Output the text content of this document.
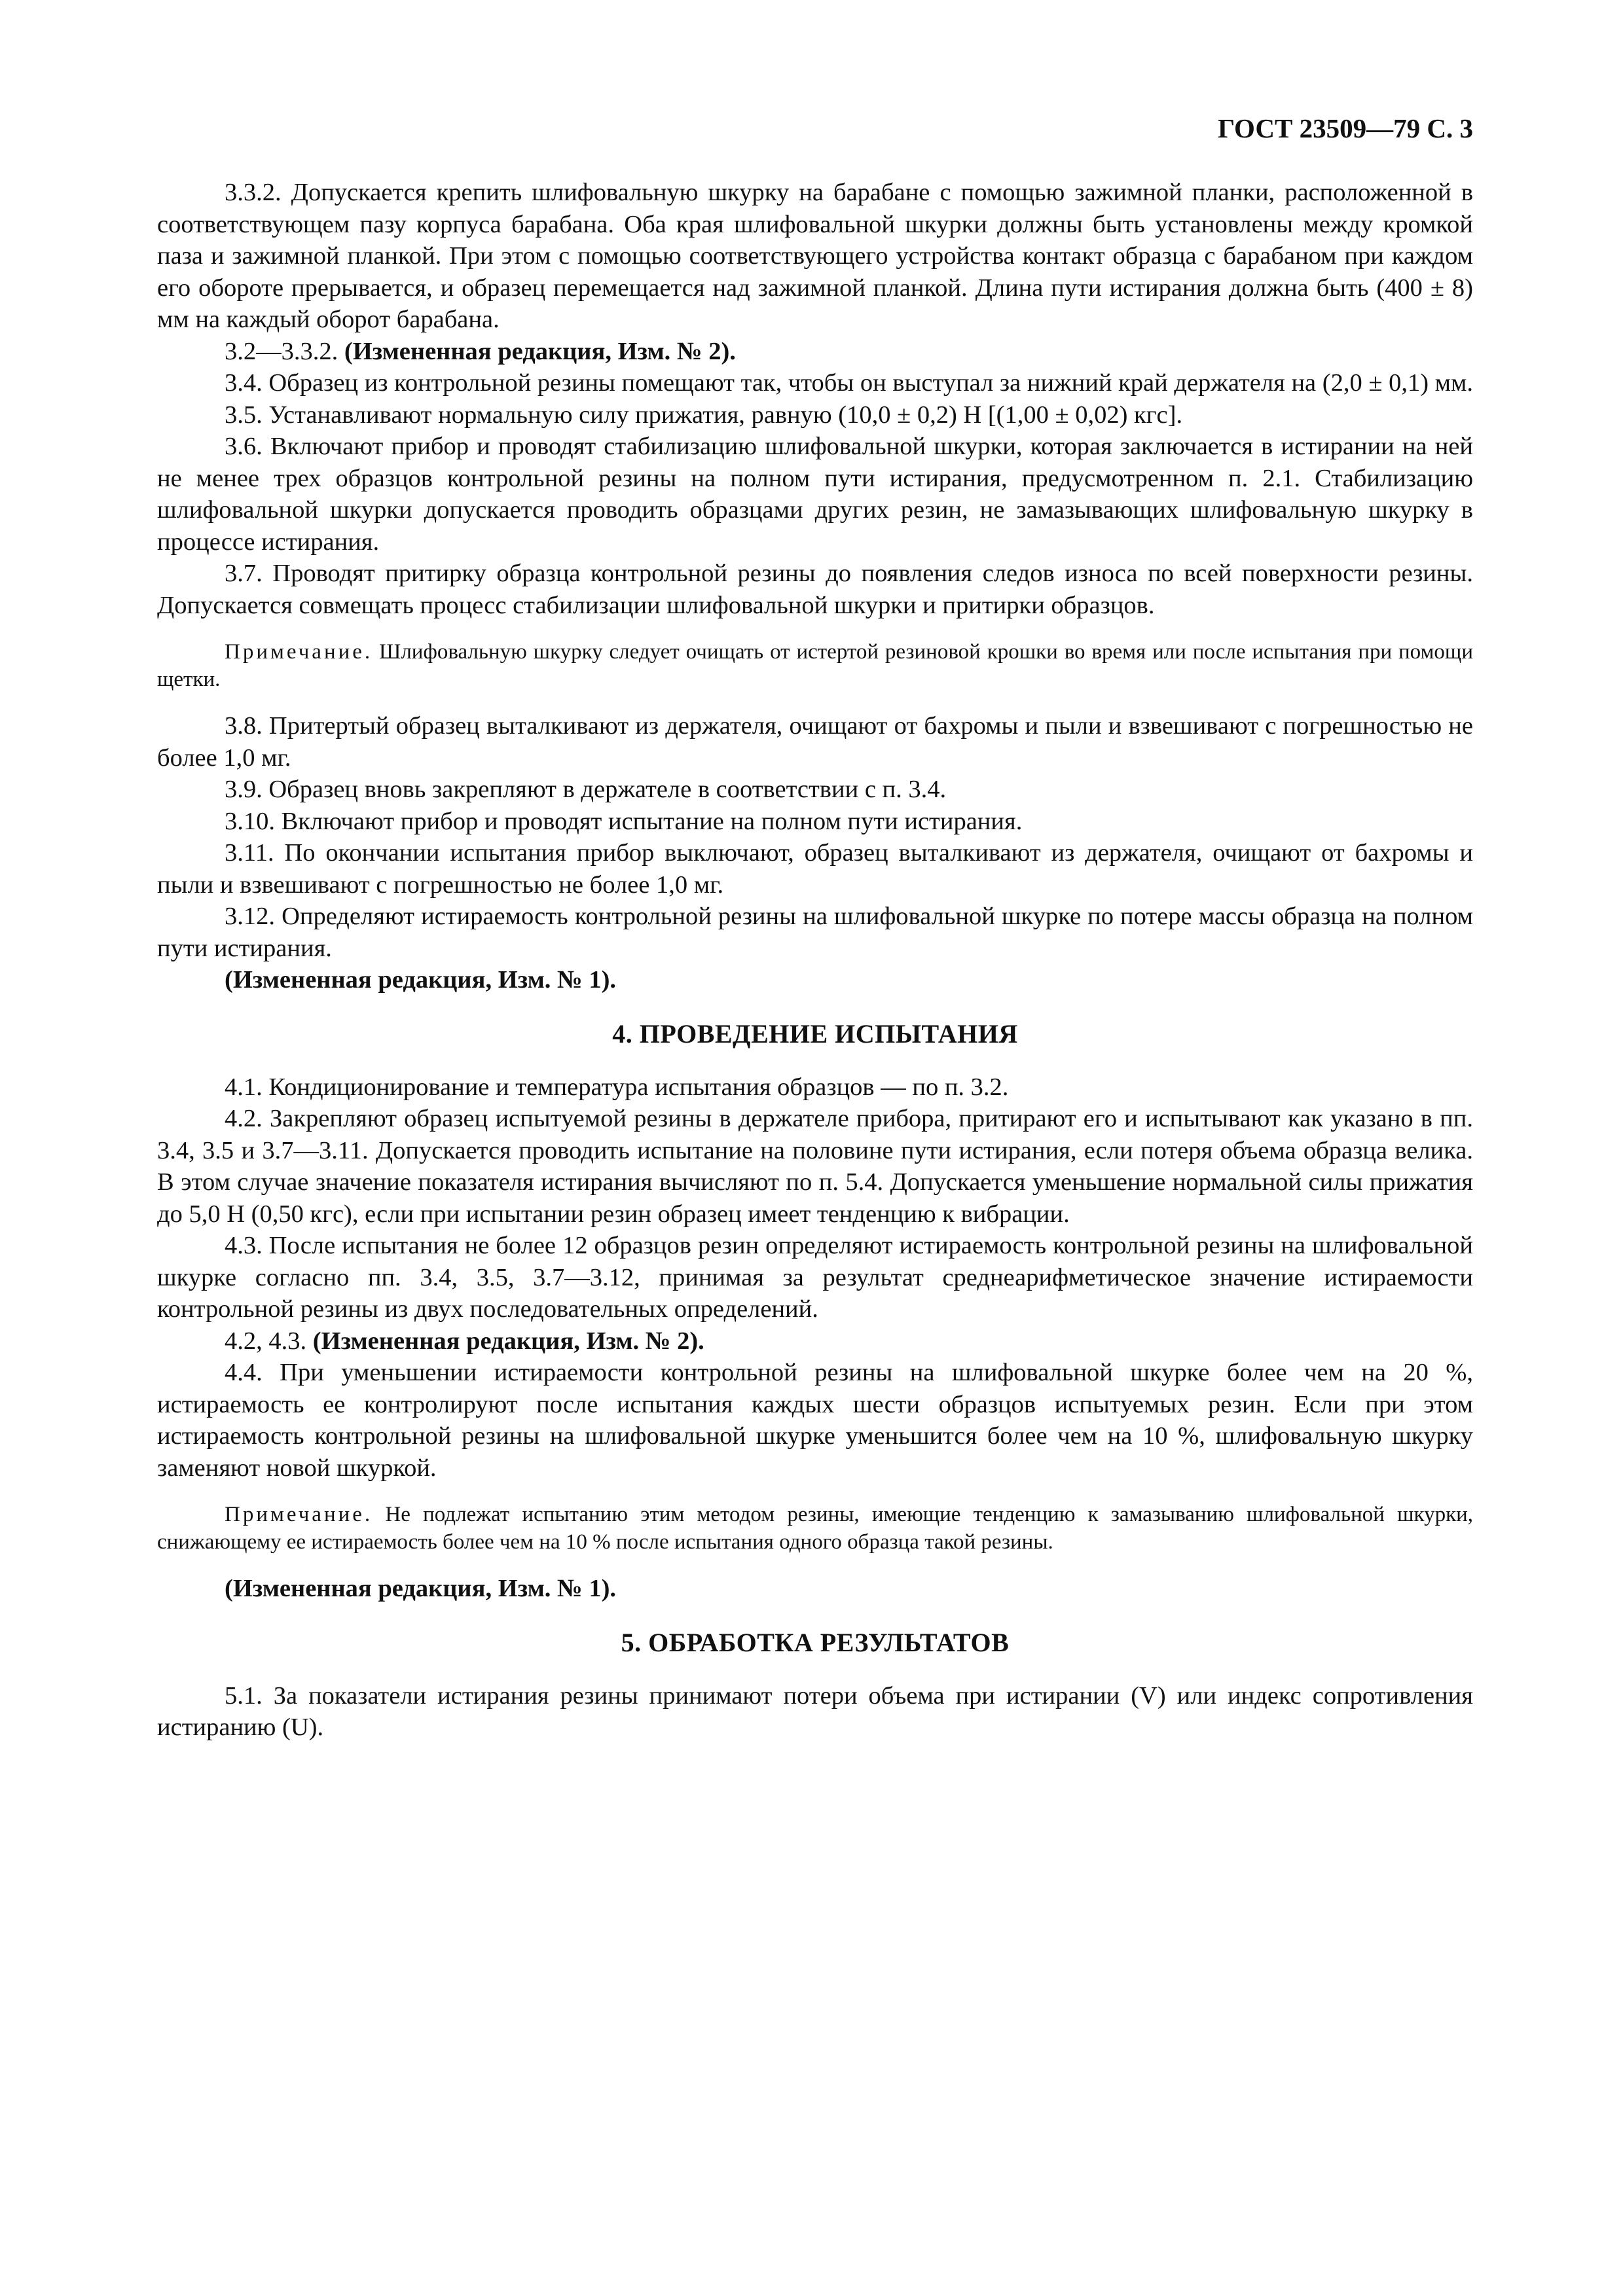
ГОСТ 23509—79 С. 3

3.3.2. Допускается крепить шлифовальную шкурку на барабане с помощью зажимной планки, расположенной в соответствующем пазу корпуса барабана. Оба края шлифовальной шкурки должны быть установлены между кромкой паза и зажимной планкой. При этом с помощью соответствующего устройства контакт образца с барабаном при каждом его обороте прерывается, и образец перемещается над зажимной планкой. Длина пути истирания должна быть (400 ± 8) мм на каждый оборот барабана.

3.2—3.3.2. (Измененная редакция, Изм. № 2).

3.4. Образец из контрольной резины помещают так, чтобы он выступал за нижний край держателя на (2,0 ± 0,1) мм.

3.5. Устанавливают нормальную силу прижатия, равную (10,0 ± 0,2) Н [(1,00 ± 0,02) кгс].

3.6. Включают прибор и проводят стабилизацию шлифовальной шкурки, которая заключается в истирании на ней не менее трех образцов контрольной резины на полном пути истирания, предусмотренном п. 2.1. Стабилизацию шлифовальной шкурки допускается проводить образцами других резин, не замазывающих шлифовальную шкурку в процессе истирания.

3.7. Проводят притирку образца контрольной резины до появления следов износа по всей поверхности резины. Допускается совмещать процесс стабилизации шлифовальной шкурки и притирки образцов.

Примечание. Шлифовальную шкурку следует очищать от истертой резиновой крошки во время или после испытания при помощи щетки.

3.8. Притертый образец выталкивают из держателя, очищают от бахромы и пыли и взвешивают с погрешностью не более 1,0 мг.

3.9. Образец вновь закрепляют в держателе в соответствии с п. 3.4.

3.10. Включают прибор и проводят испытание на полном пути истирания.

3.11. По окончании испытания прибор выключают, образец выталкивают из держателя, очищают от бахромы и пыли и взвешивают с погрешностью не более 1,0 мг.

3.12. Определяют истираемость контрольной резины на шлифовальной шкурке по потере массы образца на полном пути истирания.

(Измененная редакция, Изм. № 1).

4. ПРОВЕДЕНИЕ ИСПЫТАНИЯ

4.1. Кондиционирование и температура испытания образцов — по п. 3.2.

4.2. Закрепляют образец испытуемой резины в держателе прибора, притирают его и испытывают как указано в пп. 3.4, 3.5 и 3.7—3.11. Допускается проводить испытание на половине пути истирания, если потеря объема образца велика. В этом случае значение показателя истирания вычисляют по п. 5.4. Допускается уменьшение нормальной силы прижатия до 5,0 Н (0,50 кгс), если при испытании резин образец имеет тенденцию к вибрации.

4.3. После испытания не более 12 образцов резин определяют истираемость контрольной резины на шлифовальной шкурке согласно пп. 3.4, 3.5, 3.7—3.12, принимая за результат среднеарифметическое значение истираемости контрольной резины из двух последовательных определений.

4.2, 4.3. (Измененная редакция, Изм. № 2).

4.4. При уменьшении истираемости контрольной резины на шлифовальной шкурке более чем на 20 %, истираемость ее контролируют после испытания каждых шести образцов испытуемых резин. Если при этом истираемость контрольной резины на шлифовальной шкурке уменьшится более чем на 10 %, шлифовальную шкурку заменяют новой шкуркой.

Примечание. Не подлежат испытанию этим методом резины, имеющие тенденцию к замазыванию шлифовальной шкурки, снижающему ее истираемость более чем на 10 % после испытания одного образца такой резины.

(Измененная редакция, Изм. № 1).

5. ОБРАБОТКА РЕЗУЛЬТАТОВ

5.1. За показатели истирания резины принимают потери объема при истирании (V) или индекс сопротивления истиранию (U).
